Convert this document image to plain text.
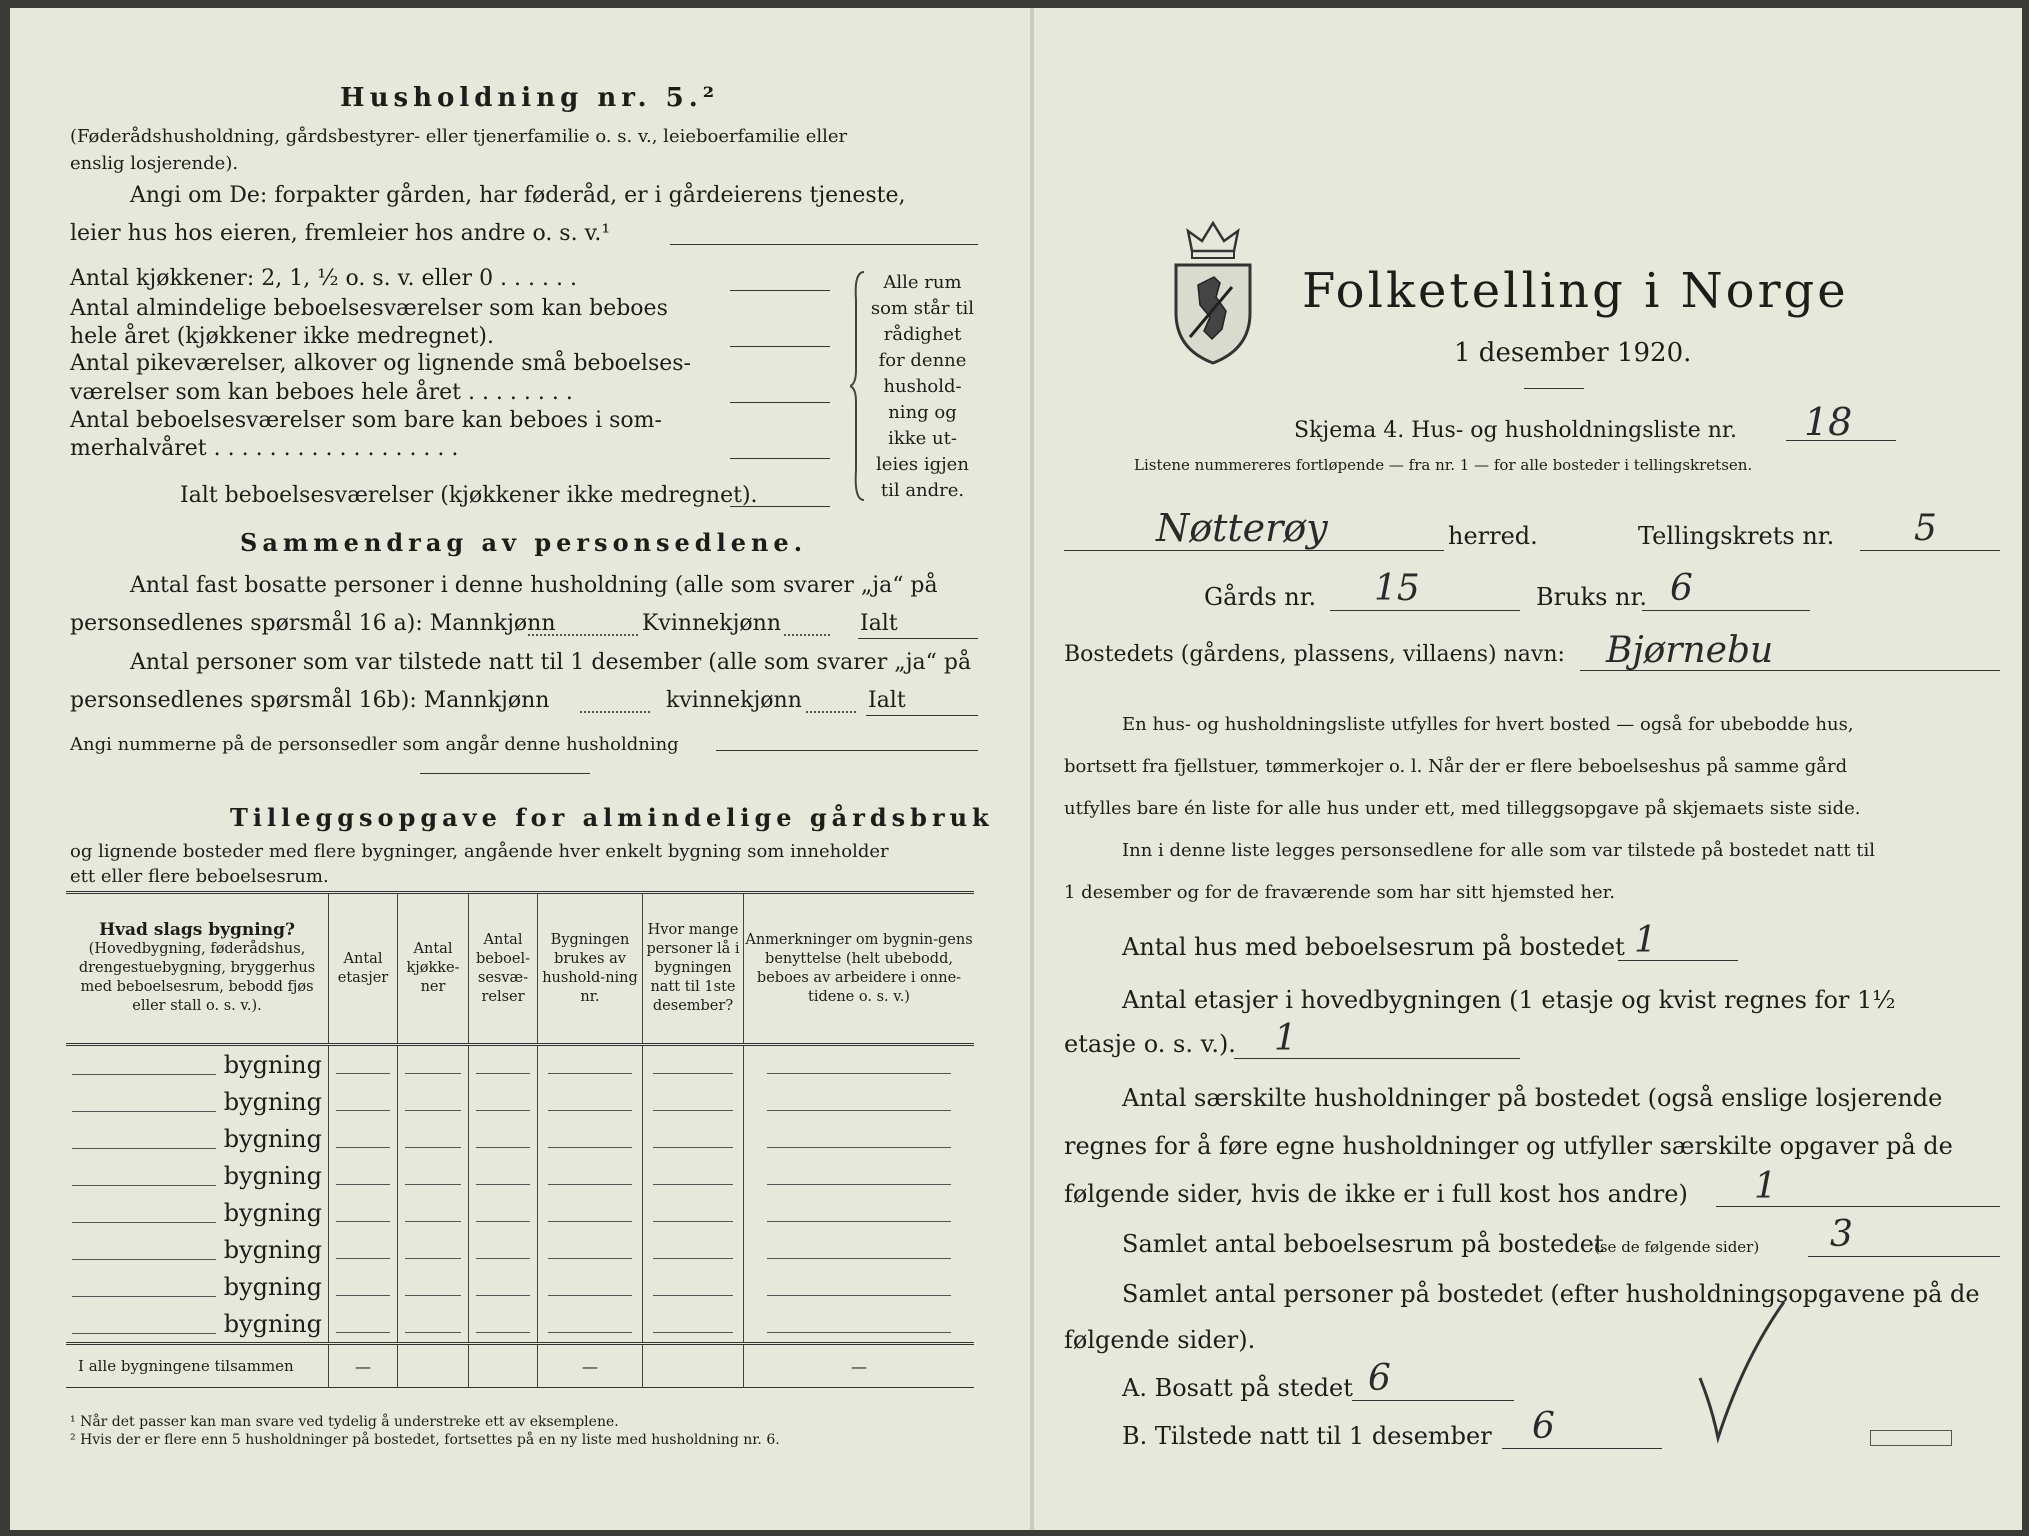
Husholdning nr. 5.²
(Føderådshusholdning, gårdsbestyrer- eller tjenerfamilie o. s. v., leieboerfamilie eller
enslig losjerende).
Angi om De: forpakter gården, har føderåd, er i gårdeierens tjeneste,
leier hus hos eieren, fremleier hos andre o. s. v.¹
Antal kjøkkener: 2, 1, ½ o. s. v. eller 0 . . . . . .
Antal almindelige beboelsesværelser som kan beboes
hele året (kjøkkener ikke medregnet).
Antal pikeværelser, alkover og lignende små beboelses-
værelser som kan beboes hele året . . . . . . . .
Antal beboelsesværelser som bare kan beboes i som-
merhalvåret . . . . . . . . . . . . . . . . . .
Ialt beboelsesværelser (kjøkkener ikke medregnet).
Alle rum
som står til
rådighet
for denne
hushold-
ning og
ikke ut-
leies igjen
til andre.
Sammendrag av personsedlene.
Antal fast bosatte personer i denne husholdning (alle som svarer „ja“ på
personsedlenes spørsmål 16 a): Mannkjønn	Kvinnekjønn	Ialt
Antal personer som var tilstede natt til 1 desember (alle som svarer „ja“ på
personsedlenes spørsmål 16b): Mannkjønn	kvinnekjønn	Ialt
Angi nummerne på de personsedler som angår denne husholdning
Tilleggsopgave for almindelige gårdsbruk
og lignende bosteder med flere bygninger, angående hver enkelt bygning som inneholder
ett eller flere beboelsesrum.
Hvad slags bygning?
(Hovedbygning, føderådshus, drengestuebygning, bryggerhus med beboelsesrum, bebodd fjøs eller stall o. s. v.).	Antal etasjer	Antal kjøkke-ner	Antal beboel-sesvæ-relser	Bygningen brukes av hushold-ning nr.	Hvor mange personer lå i bygningen natt til 1ste desember?	Anmerkninger om bygnin-gens benyttelse (helt ubebodd, beboes av arbeidere i onne-tidene o. s. v.)

bygning						

bygning						

bygning						

bygning						

bygning						

bygning						

bygning						

bygning						

I alle bygningene tilsammen	—			—		—
¹ Når det passer kan man svare ved tydelig å understreke ett av eksemplene.
² Hvis der er flere enn 5 husholdninger på bostedet, fortsettes på en ny liste med husholdning nr. 6.
Folketelling i Norge
1 desember 1920.
Skjema 4. Hus- og husholdningsliste nr. 18
Listene nummereres fortløpende — fra nr. 1 — for alle bosteder i tellingskretsen.
Nøtterøy	herred.	Tellingskrets nr. 5
Gårds nr. 15	Bruks nr. 6
Bostedets (gårdens, plassens, villaens) navn: Bjørnebu
En hus- og husholdningsliste utfylles for hvert bosted — også for ubebodde hus,
bortsett fra fjellstuer, tømmerkojer o. l. Når der er flere beboelseshus på samme gård
utfylles bare én liste for alle hus under ett, med tilleggsopgave på skjemaets siste side.
Inn i denne liste legges personsedlene for alle som var tilstede på bostedet natt til
1 desember og for de fraværende som har sitt hjemsted her.
Antal hus med beboelsesrum på bostedet 1
Antal etasjer i hovedbygningen (1 etasje og kvist regnes for 1½
etasje o. s. v.). 1
Antal særskilte husholdninger på bostedet (også enslige losjerende
regnes for å føre egne husholdninger og utfyller særskilte opgaver på de
følgende sider, hvis de ikke er i full kost hos andre) 1
Samlet antal beboelsesrum på bostedet
(se de følgende sider) 3
Samlet antal personer på bostedet (efter husholdningsopgavene på de
følgende sider).
A. Bosatt på stedet 6
B. Tilstede natt til 1 desember 6
